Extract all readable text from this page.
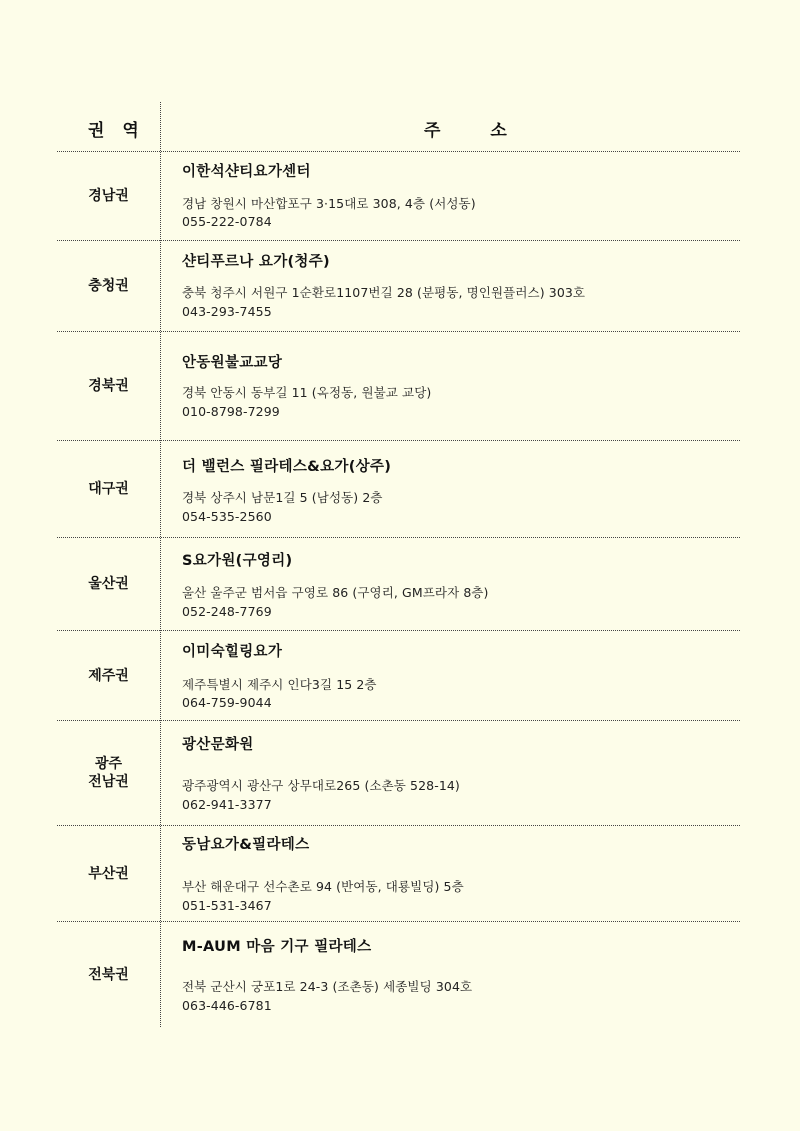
권 역	주 소
경남권
이한석샨티요가센터
경남 창원시 마산합포구 3·15대로 308, 4층 (서성동)
055-222-0784
충청권
샨티푸르나 요가(청주)
충북 청주시 서원구 1순환로1107번길 28 (분평동, 명인원플러스) 303호
043-293-7455
경북권
안동원불교교당
경북 안동시 동부길 11 (옥정동, 원불교 교당)
010-8798-7299
대구권
더 밸런스 필라테스&요가(상주)
경북 상주시 남문1길 5 (남성동) 2층
054-535-2560
울산권
S요가원(구영리)
울산 울주군 범서읍 구영로 86 (구영리, GM프라자 8층)
052-248-7769
제주권
이미숙힐링요가
제주특별시 제주시 인다3길 15 2층
064-759-9044
광주
전남권
광산문화원
광주광역시 광산구 상무대로265 (소촌동 528-14)
062-941-3377
부산권
동남요가&필라테스
부산 해운대구 선수촌로 94 (반여동, 대룡빌딩) 5층
051-531-3467
전북권
M-AUM 마음 기구 필라테스
전북 군산시 궁포1로 24-3 (조촌동) 세종빌딩 304호
063-446-6781
